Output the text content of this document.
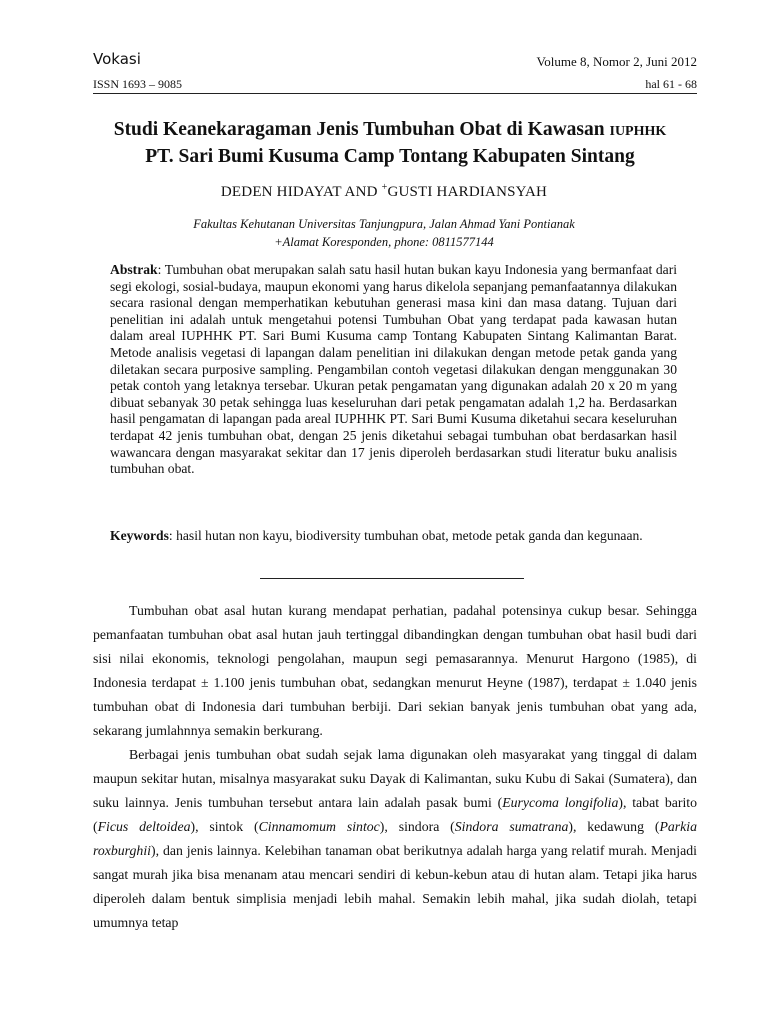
Vokasi	Volume 8, Nomor 2, Juni 2012
ISSN 1693 – 9085	hal 61 - 68
Studi Keanekaragaman Jenis Tumbuhan Obat di Kawasan IUPHHK
PT. Sari Bumi Kusuma Camp Tontang Kabupaten Sintang
DEDEN HIDAYAT AND +GUSTI HARDIANSYAH
Fakultas Kehutanan Universitas Tanjungpura, Jalan Ahmad Yani Pontianak
+Alamat Koresponden, phone: 0811577144
Abstrak: Tumbuhan obat merupakan salah satu hasil hutan bukan kayu Indonesia yang bermanfaat dari segi ekologi, sosial-budaya, maupun ekonomi yang harus dikelola sepanjang pemanfaatannya dilakukan secara rasional dengan memperhatikan kebutuhan generasi masa kini dan masa datang. Tujuan dari penelitian ini adalah untuk mengetahui potensi Tumbuhan Obat yang terdapat pada kawasan hutan dalam areal IUPHHK PT. Sari Bumi Kusuma camp Tontang Kabupaten Sintang Kalimantan Barat. Metode analisis vegetasi di lapangan dalam penelitian ini dilakukan dengan metode petak ganda yang diletakan secara purposive sampling. Pengambilan contoh vegetasi dilakukan dengan menggunakan 30 petak contoh yang letaknya tersebar. Ukuran petak pengamatan yang digunakan adalah 20 x 20 m yang dibuat sebanyak 30 petak sehingga luas keseluruhan dari petak pengamatan adalah 1,2 ha. Berdasarkan hasil pengamatan di lapangan pada areal IUPHHK PT. Sari Bumi Kusuma diketahui secara keseluruhan terdapat 42 jenis tumbuhan obat, dengan 25 jenis diketahui sebagai tumbuhan obat berdasarkan hasil wawancara dengan masyarakat sekitar dan 17 jenis diperoleh berdasarkan studi literatur buku analisis tumbuhan obat.
Keywords: hasil hutan non kayu, biodiversity tumbuhan obat, metode petak ganda dan kegunaan.

Tumbuhan obat asal hutan kurang mendapat perhatian, padahal potensinya cukup besar. Sehingga pemanfaatan tumbuhan obat asal hutan jauh tertinggal dibandingkan dengan tumbuhan obat hasil budi dari sisi nilai ekonomis, teknologi pengolahan, maupun segi pemasarannya. Menurut Hargono (1985), di Indonesia terdapat ± 1.100 jenis tumbuhan obat, sedangkan menurut Heyne (1987), terdapat ± 1.040 jenis tumbuhan obat di Indonesia dari tumbuhan berbiji. Dari sekian banyak jenis tumbuhan obat yang ada, sekarang jumlahnnya semakin berkurang.

Berbagai jenis tumbuhan obat sudah sejak lama digunakan oleh masyarakat yang tinggal di dalam maupun sekitar hutan, misalnya masyarakat suku Dayak di Kalimantan, suku Kubu di Sakai (Sumatera), dan suku lainnya. Jenis tumbuhan tersebut antara lain adalah pasak bumi (Eurycoma longifolia), tabat barito (Ficus deltoidea), sintok (Cinnamomum sintoc), sindora (Sindora sumatrana), kedawung (Parkia roxburghii), dan jenis lainnya. Kelebihan tanaman obat berikutnya adalah harga yang relatif murah. Menjadi sangat murah jika bisa menanam atau mencari sendiri di kebun-kebun atau di hutan alam. Tetapi jika harus diperoleh dalam bentuk simplisia menjadi lebih mahal. Semakin lebih mahal, jika sudah diolah, tetapi umumnya tetap
